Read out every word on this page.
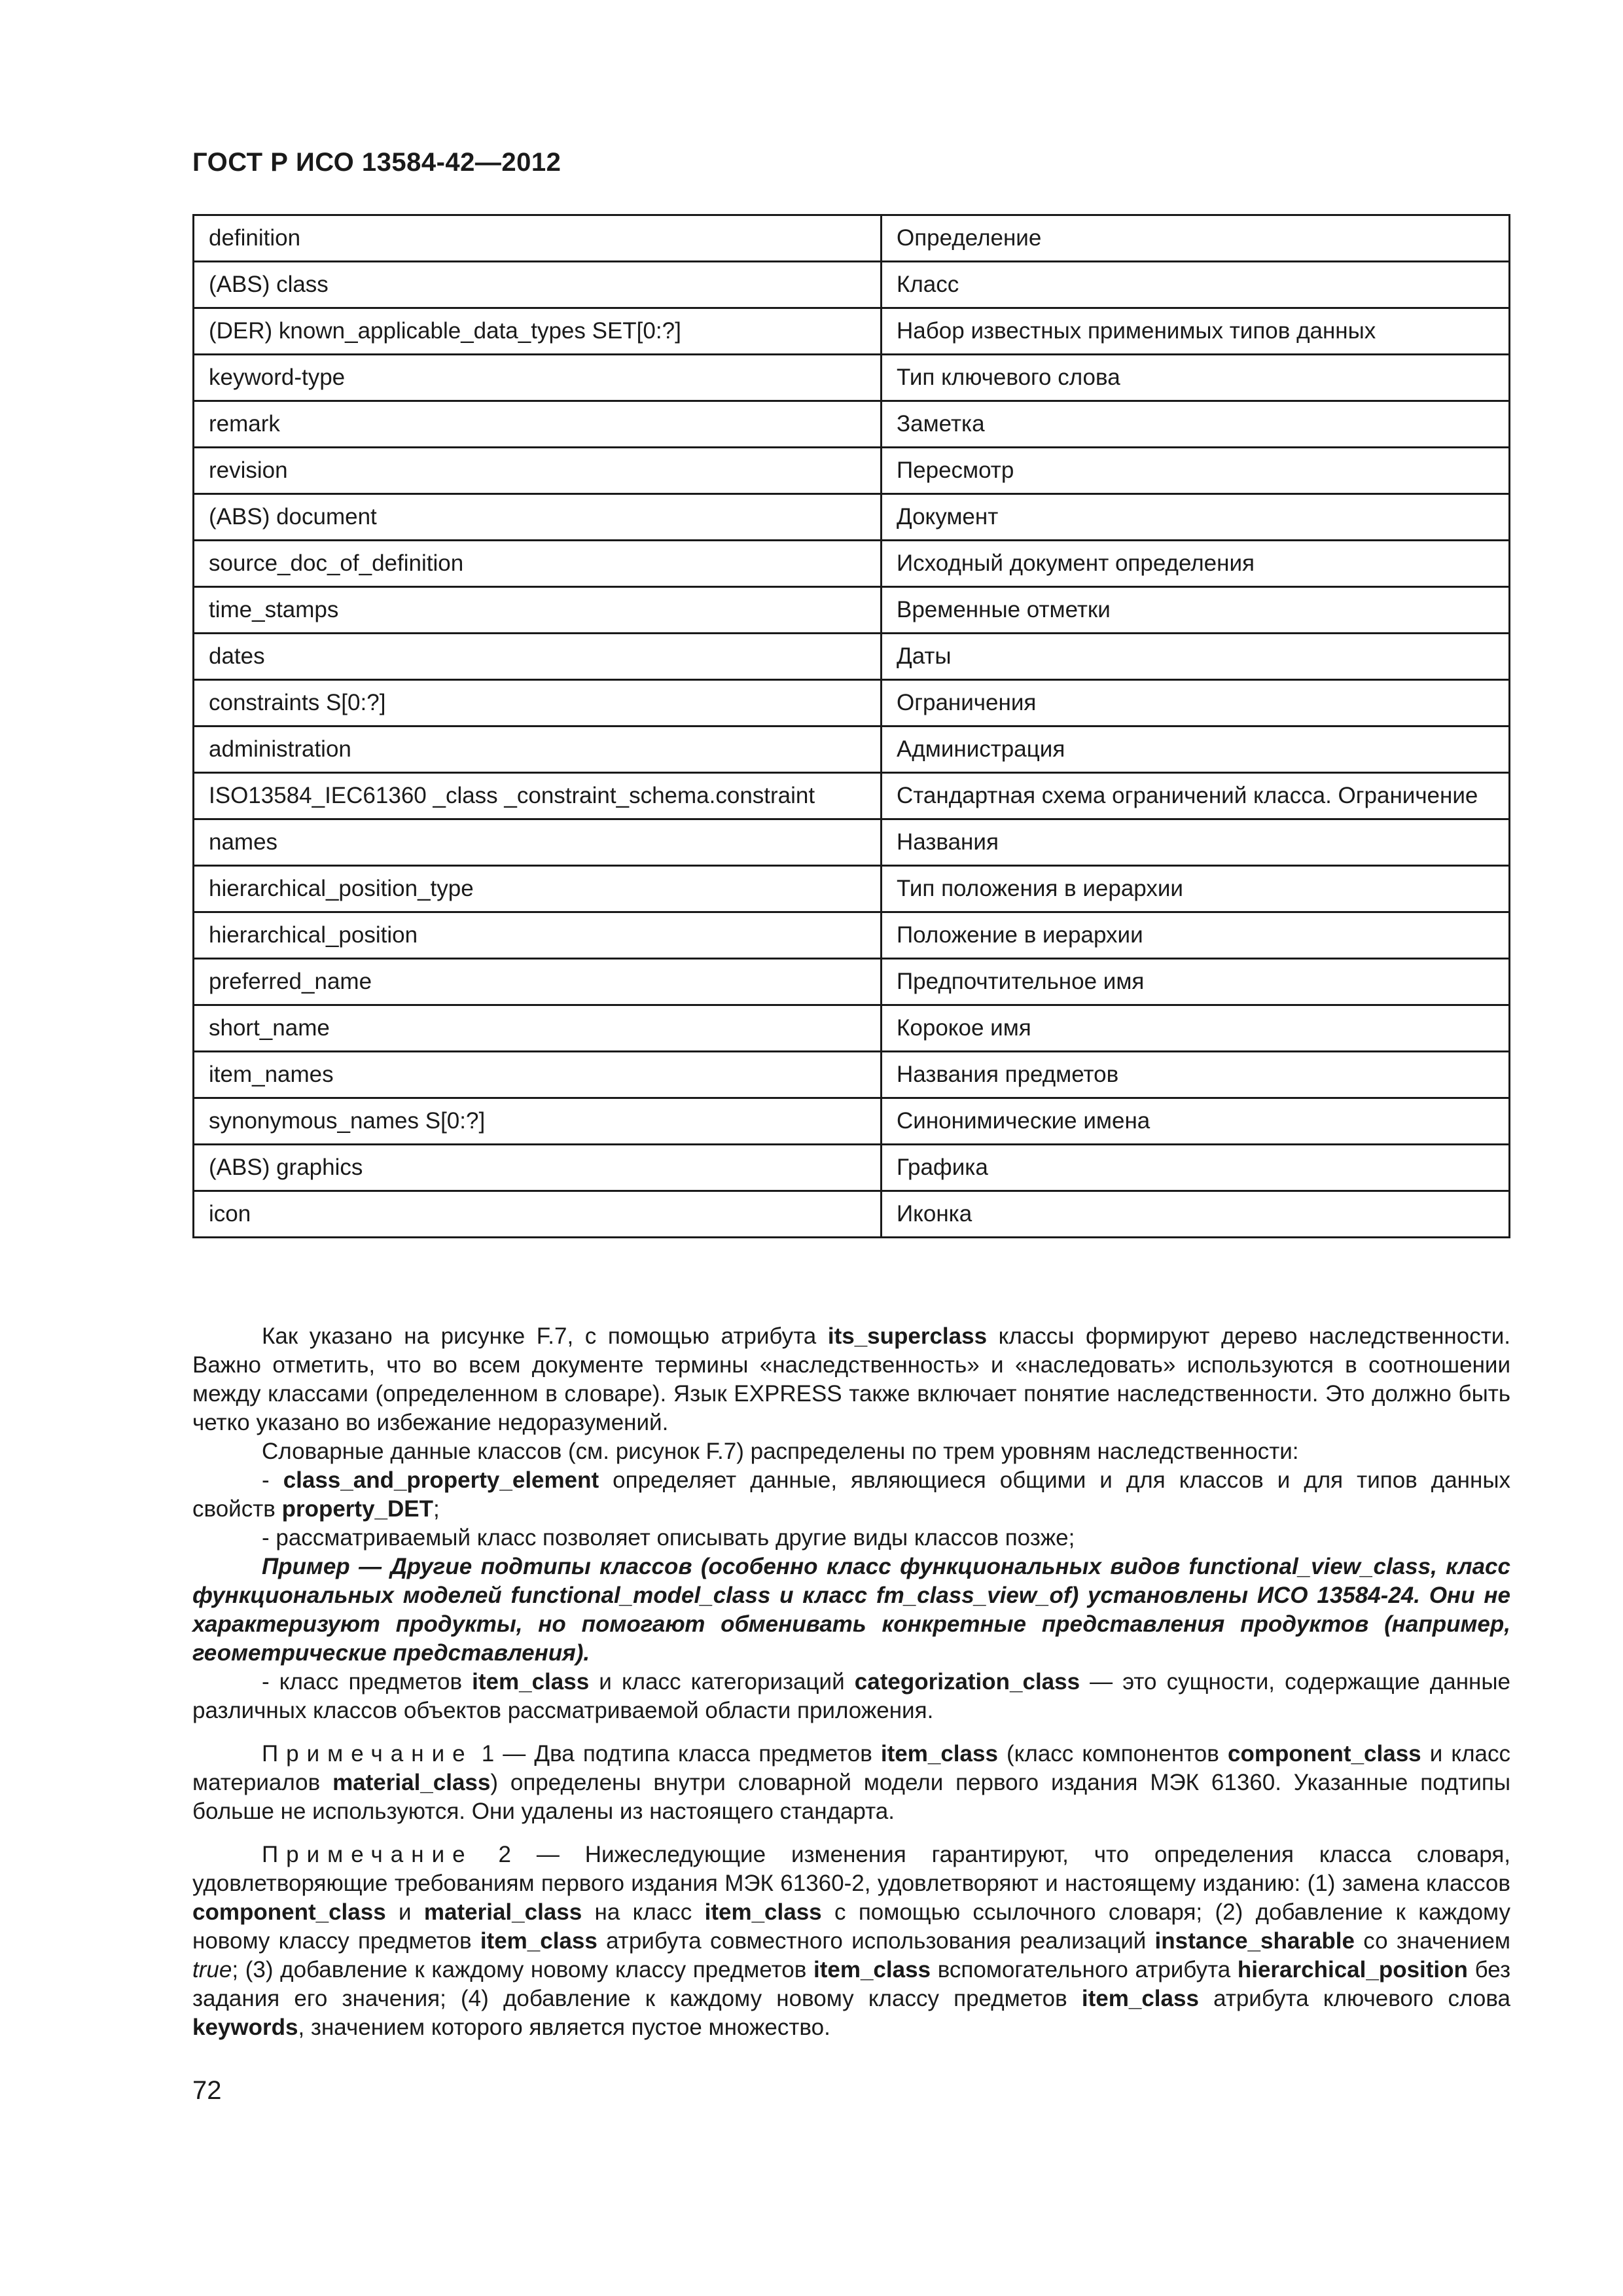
ГОСТ Р ИСО 13584-42—2012
definition	Определение
(ABS) class	Класс
(DER) known_applicable_data_types SET[0:?]	Набор известных применимых типов данных
keyword-type	Тип ключевого слова
remark	Заметка
revision	Пересмотр
(ABS) document	Документ
source_doc_of_definition	Исходный документ определения
time_stamps	Временные отметки
dates	Даты
constraints S[0:?]	Ограничения
administration	Администрация
ISO13584_IEC61360 _class _constraint_schema.constraint	Стандартная схема ограничений класса. Ограничение
names	Названия
hierarchical_position_type	Тип положения в иерархии
hierarchical_position	Положение в иерархии
preferred_name	Предпочтительное имя
short_name	Корокое имя
item_names	Названия предметов
synonymous_names S[0:?]	Синонимические имена
(ABS) graphics	Графика
icon	Иконка

Как указано на рисунке F.7, с помощью атрибута its_superclass классы формируют дерево наследственности. Важно отметить, что во всем документе термины «наследственность» и «наследовать» используются в соотношении между классами (определенном в словаре). Язык EXPRESS также включает понятие наследственности. Это должно быть четко указано во избежание недоразумений.

Словарные данные классов (см. рисунок F.7) распределены по трем уровням наследственности:

- class_and_property_element определяет данные, являющиеся общими и для классов и для типов данных свойств property_DET;

- рассматриваемый класс позволяет описывать другие виды классов позже;

Пример — Другие подтипы классов (особенно класс функциональных видов functional_view_class, класс функциональных моделей functional_model_class и класс fm_class_view_of) установлены ИСО 13584-24. Они не характеризуют продукты, но помогают обменивать конкретные представления продуктов (например, геометрические представления).

- класс предметов item_class и класс категоризаций categorization_class — это сущности, содержащие данные различных классов объектов рассматриваемой области приложения.

Примечание 1 — Два подтипа класса предметов item_class (класс компонентов component_class и класс материалов material_class) определены внутри словарной модели первого издания МЭК 61360. Указанные подтипы больше не используются. Они удалены из настоящего стандарта.

Примечание 2 — Нижеследующие изменения гарантируют, что определения класса словаря, удовлетворяющие требованиям первого издания МЭК 61360-2, удовлетворяют и настоящему изданию: (1) замена классов component_class и material_class на класс item_class с помощью ссылочного словаря; (2) добавление к каждому новому классу предметов item_class атрибута совместного использования реализаций instance_sharable со значением true; (3) добавление к каждому новому классу предметов item_class вспомогательного атрибута hierarchical_position без задания его значения; (4) добавление к каждому новому классу предметов item_class атрибута ключевого слова keywords, значением которого является пустое множество.

72
